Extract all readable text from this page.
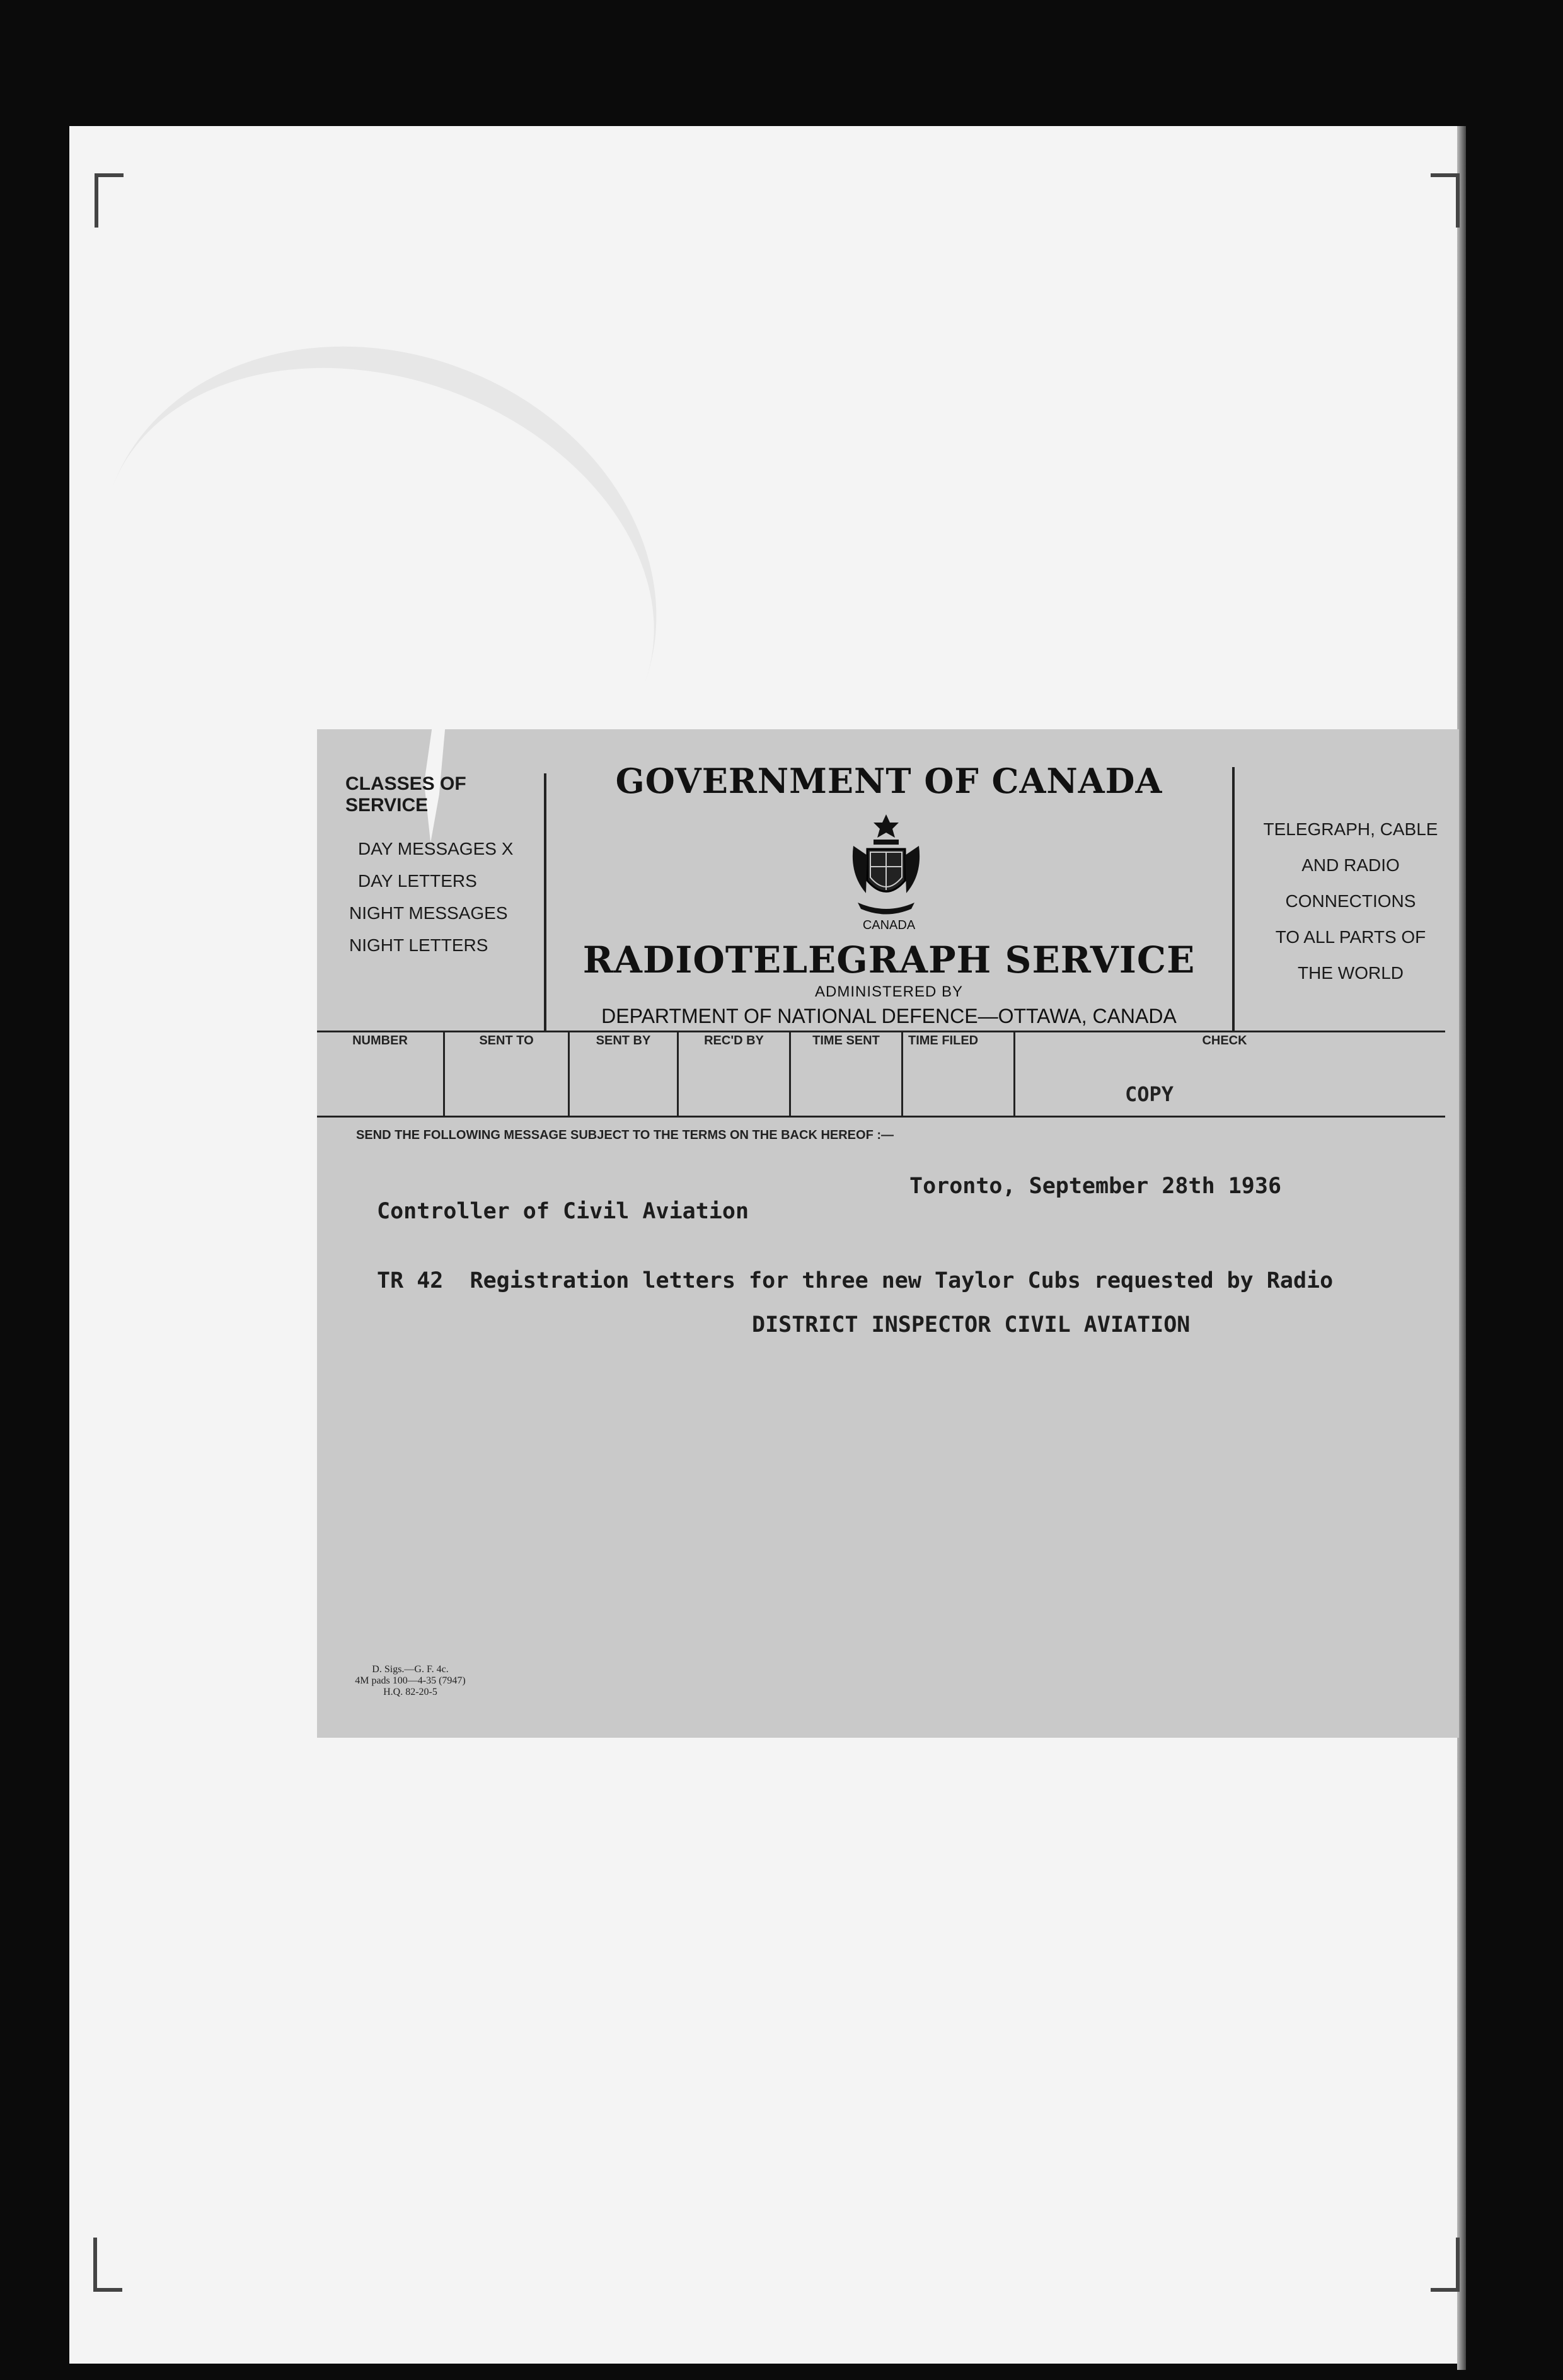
CLASSES OF SERVICE
DAY MESSAGES X
DAY LETTERS
NIGHT MESSAGES
NIGHT LETTERS
GOVERNMENT OF CANADA
CANADA
RADIOTELEGRAPH SERVICE
ADMINISTERED BY
DEPARTMENT OF NATIONAL DEFENCE—OTTAWA, CANADA
TELEGRAPH, CABLE
AND RADIO
CONNECTIONS
TO ALL PARTS OF
THE WORLD
NUMBER	SENT TO	SENT BY	REC'D BY	TIME SENT	TIME FILED	CHECK
COPY
SEND THE FOLLOWING MESSAGE SUBJECT TO THE TERMS ON THE BACK HEREOF :—
Toronto, September 28th 1936
Controller of Civil Aviation
TR 42  Registration letters for three new Taylor Cubs requested by Radio
DISTRICT INSPECTOR CIVIL AVIATION
D. Sigs.—G. F. 4c.
4M pads 100—4-35 (7947)
H.Q. 82-20-5
